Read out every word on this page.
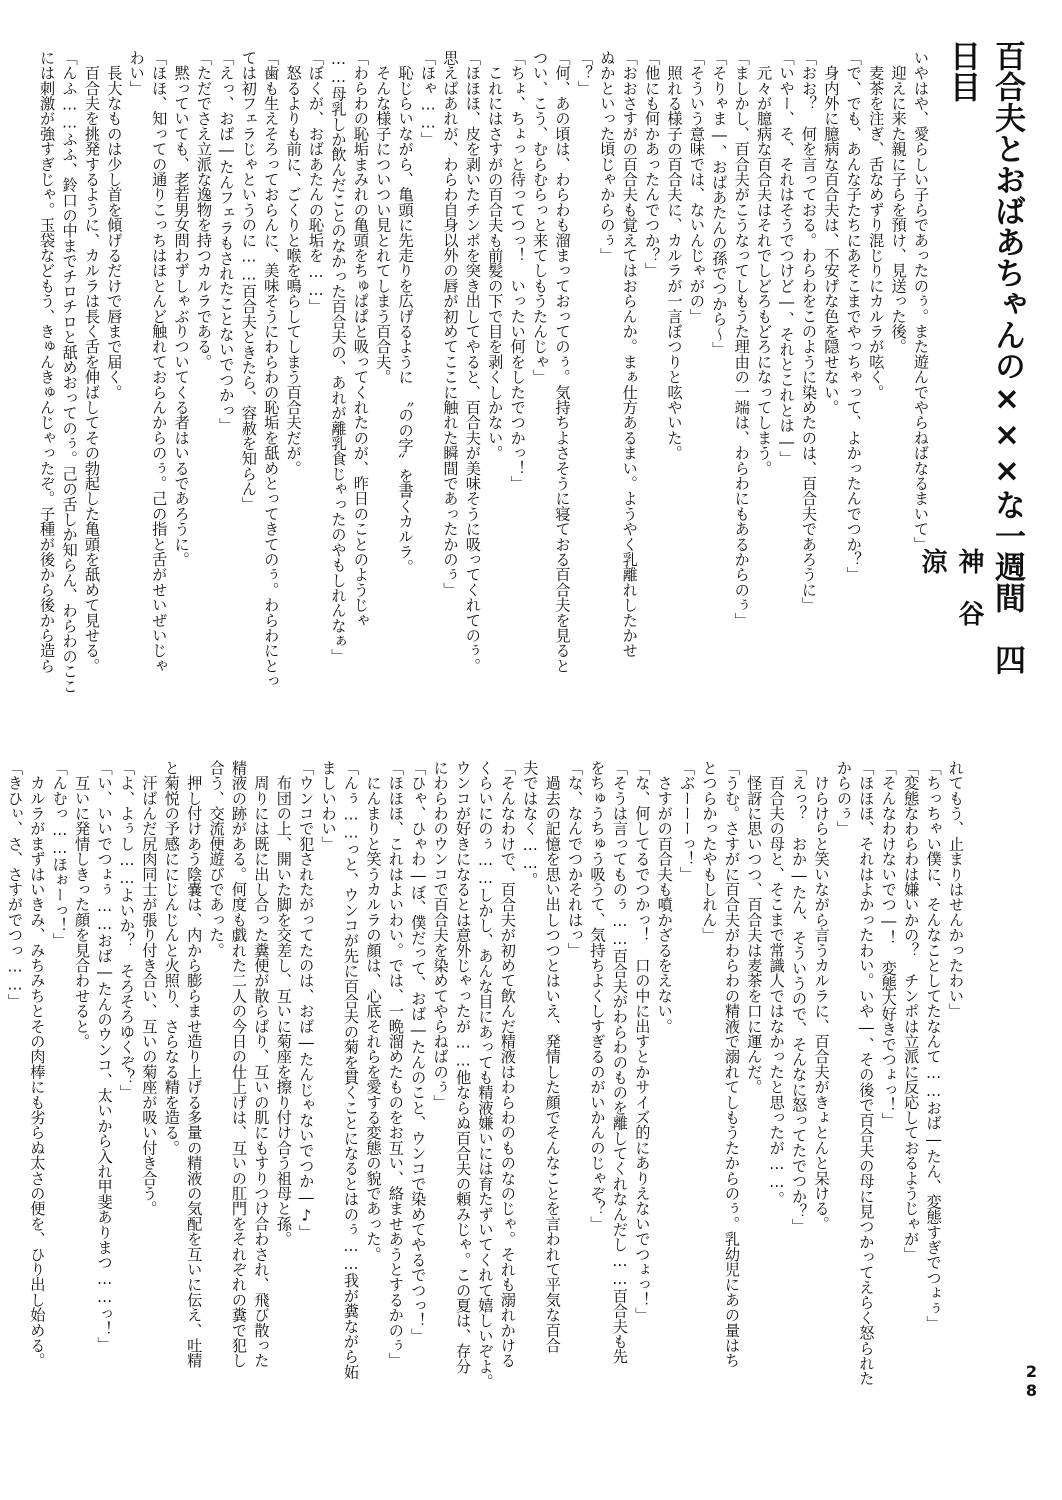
百合夫とおばあちゃんの×××な一週間　四日目
神谷　涼
いやはや、愛らしい子らであったのぅ。また遊んでやらねばなるまいて」
　迎えに来た親に子らを預け、見送った後。
　麦茶を注ぎ、舌なめずり混じりにカルラが呟く。
「で、でも、あんな子たちにあそこまでやっちゃって、よかったんでつか？」
　身内外に臆病な百合夫は、不安げな色を隠せない。
「おお？　何を言っておる。わらわをこのように染めたのは、百合夫であろうに」
「いやー、そ、それはそうでつけど―、それとこれとは―」
　元々が臆病な百合夫はそれでしどろもどろになってしまう。
「ましかし、百合夫がこうなってしもうた理由の一端は、わらわにもあるからのぅ」
「そりゃま―、おばあたんの孫でつから～」
「そういう意味では、ないんじゃがの」
　照れる様子の百合夫に、カルラが一言ぼつりと呟やいた。
「他にも何かあったんでつか？」
「おおさすがの百合夫も覚えてはおらんか。まぁ仕方あるまい。ようやく乳離れしたかせ
ぬかといった頃じゃからのぅ」
「？」
「何、あの頃は、わらわも溜まっておってのぅ。気持ちよさそうに寝ておる百合夫を見ると
つい、こう、むらむらっと来てしもうたんじゃ」
「ちょ、ちょっと待ってつっ！　いったい何をしたでつかっ！」
　これにはさすがの百合夫も前髪の下で目を剥くしかない。
「ほほほ、皮を剥いたチンポを突き出してやると、百合夫が美味そうに吸ってくれてのぅ。
思えばあれが、わらわ自身以外の唇が初めてここに触れた瞬間であったかのぅ」
「ほゃ……」
　恥じらいながら、亀頭に先走りを広げるように　〝のの字〟を書くカルラ。
　そんな様子についつい見とれてしまう百合夫。
「わらわの恥垢まみれの亀頭をちゅぱぱと吸ってくれたのが、昨日のことのようじゃ
……母乳しか飲んだことのなかった百合夫の、あれが離乳食じゃったのやもしれんなぁ」
「ぼくが、おばあたんの恥垢を……」
　怒るよりも前に、ごくりと喉を鳴らしてしまう百合夫だが。
「歯も生えそろっておらんに、美味そうにわらわの恥垢を舐めとってきてのぅ。わらわにとっ
ては初フェラじゃというのに……百合夫ときたら、容赦を知らん」
「えっ、おば―たんフェラもされたことないでつかっ」
「ただでさえ立派な逸物を持つカルラである。
　黙っていても、老若男女問わずしゃぶりついてくる者はいるであろうに。
「ほほ、知っての通りこっちはほとんど触れておらんからのぅ。己の指と舌がせいぜいじゃ
わい」
　長大なものは少し首を傾げるだけで唇まで届く。
　百合夫を挑発するように、カルラは長く舌を伸ばしてその勃起した亀頭を舐めて見せる。
「んふ……ふふ、鈴口の中までチロチロと舐めおってのぅ。己の舌しか知らん、わらわのここ
には刺激が強すぎじゃ。玉袋などもう、きゅんきゅんじゃったぞ。子種が後から後から造ら
れてもう、止まりはせんかったわい」
「ちっちゃい僕に、そんなことしてたなんて……おば―たん、変態すぎでつょぅ」
「変態なわらわは嫌いかの？　チンポは立派に反応しておるようじゃが」
「そんなわけないでつ―！　変態大好きでつょっ！」
「ほほほ、それはよかったわい。いや―、その後で百合夫の母に見つかってえらく怒られた
からのぅ」
　けらけらと笑いながら言うカルラに、百合夫がきょとんと呆ける。
「えっ？　おか―たん、そういうので、そんなに怒ってたでつか？」
　百合夫の母と、そこまで常識人ではなかったと思ったが……。
　怪訝に思いつつ、百合夫は麦茶を口に運んだ。
「うむ。さすがに百合夫がわらわの精液で溺れてしもうたからのぅ。乳幼児にあの量はち
とつらかったやもしれん」
「ぶーーーっ！」
　さすがの百合夫も噴かざるをえない。
「な、何してるでつかっ！　口の中に出すとかサイズ的にありえないでつょっ！」
「そうは言ってものぅ……百合夫がわらわのものを離してくれなんだし……百合夫も先
をちゅうちゅう吸うて、気持ちよくしすぎるのがいかんのじゃぞ？」
「な、なんでつかそれはっ」
　過去の記憶を思い出しつつとはいえ、発情した顔でそんなことを言われて平気な百合
夫ではなく……。
「そんなわけで、百合夫が初めて飲んだ精液はわらわのものなのじゃ。それも溺れかける
くらいにのぅ……しかし、あんな目にあっても精液嫌いには育たずいてくれて嬉しいぞよ。
ウンコが好きになるとは意外じゃったが……他ならぬ百合夫の頼みじゃ。この夏は、存分
にわらわのウンコで百合夫を染めてやらねばのぅ」
「ひゃ、ひゃわ―ぼ、僕だって、おば―たんのこと、ウンコで染めてやるでつっ！」
「ほほほ、これはよいわい。では、一晩溜めたものをお互い、絡ませあうとするかのぅ」
　にんまりと笑うカルラの顔は、心底それらを愛する変態の貌であった。
「んぅ……っと、ウンコが先に百合夫の菊を貫くことになるとはのぅ……我が糞ながら妬
ましいわい」
「ウンコで犯されたがってたのは、おば―たんじゃないでつか―♪」
　布団の上、開いた脚を交差し、互いに菊座を擦り付け合う祖母と孫。
　周りには既に出し合った糞便が散らばり、互いの肌にもすりつけ合わされ、飛び散った
精液の跡がある。何度も戯れた二人の今日の仕上げは、互いの肛門をそれぞれの糞で犯し
合う、交流便遊びであった。
　押し付けあう陰嚢は、内から膨らませ造り上げる多量の精液の気配を互いに伝え、吐精
と菊悦の予感ににじんじんと火照り、さらなる精を造る。
　汗ばんだ尻肉同士が張り付き合い、互いの菊座が吸い付き合う。
「よ、よぅし……よいか？　そろそろゆくぞ？」
「い、いいでつょぅ……おば―たんのウンコ、太いから入れ甲斐ありまつ……っ！」
　互いに発情しきった顔を見合わせると。
「んむっ……ほぉーっ！」
　カルラがまずはいきみ、みちみちとその肉棒にも劣らぬ太さの便を、ひり出し始める。
「きひぃ、さ、さすがでつっ……」
28
